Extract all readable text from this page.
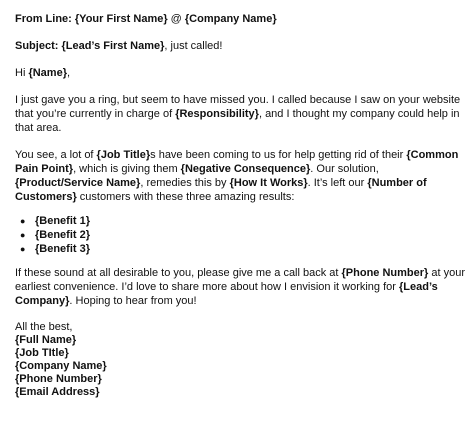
From Line: {Your First Name} @ {Company Name}

Subject: {Lead’s First Name}, just called!

Hi {Name},

I just gave you a ring, but seem to have missed you. I called because I saw on your website that you’re currently in charge of {Responsibility}, and I thought my company could help in that area.

You see, a lot of {Job Title}s have been coming to us for help getting rid of their {Common Pain Point}, which is giving them {Negative Consequence}. Our solution, {Product/Service Name}, remedies this by {How It Works}. It’s left our {Number of Customers} customers with these three amazing results:

● {Benefit 1}
● {Benefit 2}
● {Benefit 3}

If these sound at all desirable to you, please give me a call back at {Phone Number} at your earliest convenience. I’d love to share more about how I envision it working for {Lead’s Company}. Hoping to hear from you!

All the best,

{Full Name}

{Job TItle}

{Company Name}

{Phone Number}

{Email Address}
